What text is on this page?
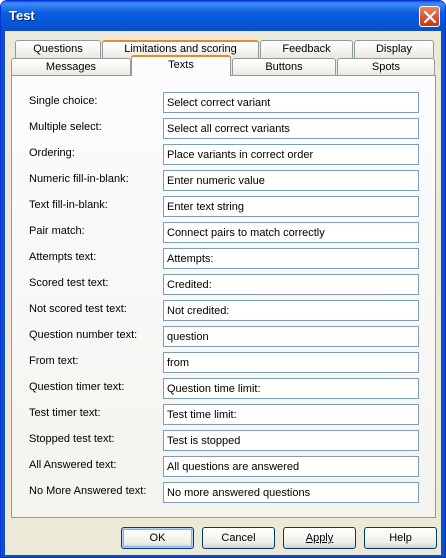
Test
Questions	Limitations and scoring	Feedback	Display
Messages	Texts	Buttons	Spots
Single choice:
Select correct variant
Multiple select:
Select all correct variants
Ordering:
Place variants in correct order
Numeric fill-in-blank:
Enter numeric value
Text fill-in-blank:
Enter text string
Pair match:
Connect pairs to match correctly
Attempts text:
Attempts:
Scored test text:
Credited:
Not scored test text:
Not credited:
Question number text:
question
From text:
from
Question timer text:
Question time limit:
Test timer text:
Test time limit:
Stopped test text:
Test is stopped
All Answered text:
All questions are answered
No More Answered text:
No more answered questions
OK	Cancel	Apply	Help
